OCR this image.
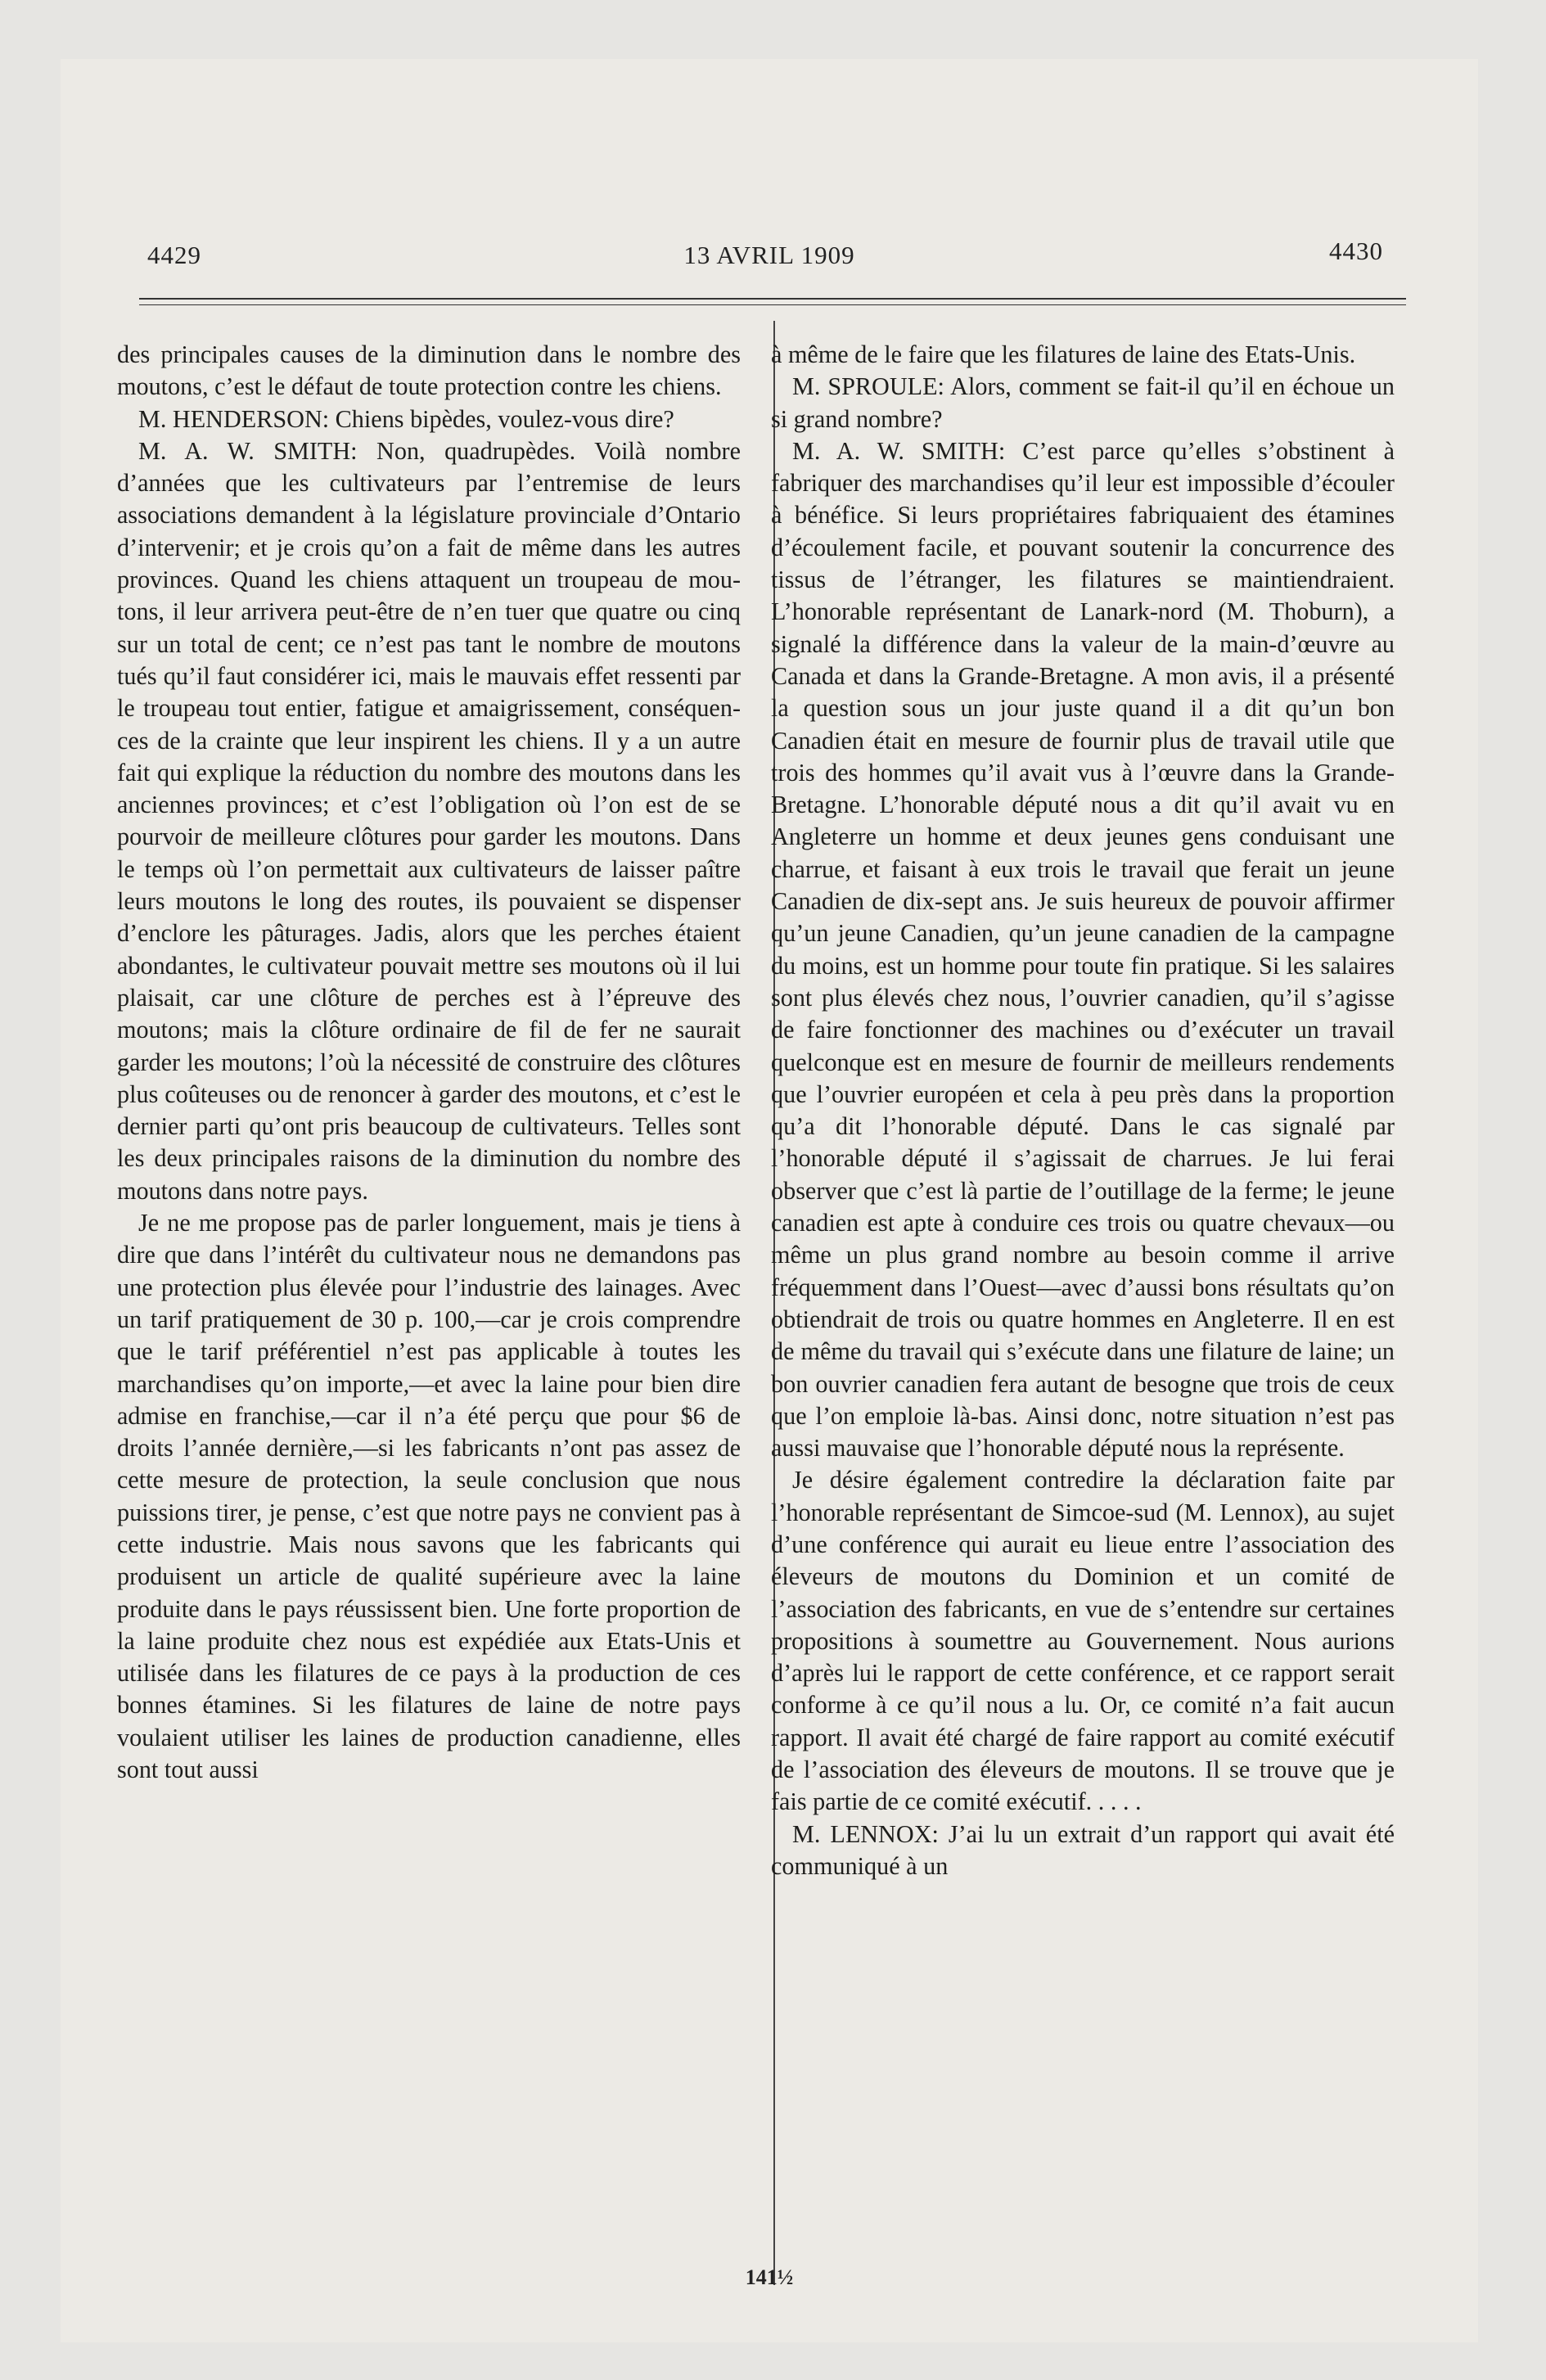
4429	13 AVRIL 1909	4430

des principales causes de la diminution dans le nombre des moutons, c’est le défaut de toute protection contre les chiens.

M. HENDERSON: Chiens bipèdes, voulez-vous dire?

M. A. W. SMITH: Non, quadrupèdes. Voilà nombre d’années que les cultivateurs par l’entremise de leurs associations demandent à la législature provinciale d’Ontario d’intervenir; et je crois qu’on a fait de même dans les autres provinces. Quand les chiens attaquent un troupeau de moutons, il leur arrivera peut-être de n’en tuer que quatre ou cinq sur un total de cent; ce n’est pas tant le nombre de moutons tués qu’il faut considérer ici, mais le mauvais effet ressenti par le troupeau tout entier, fatigue et amaigrissement, conséquences de la crainte que leur inspirent les chiens. Il y a un autre fait qui explique la réduction du nombre des moutons dans les anciennes provinces; et c’est l’obligation où l’on est de se pourvoir de meilleure clôtures pour garder les moutons. Dans le temps où l’on permettait aux cultivateurs de laisser paître leurs moutons le long des routes, ils pouvaient se dispenser d’enclore les pâturages. Jadis, alors que les perches étaient abondantes, le cultivateur pouvait mettre ses moutons où il lui plaisait, car une clôture de perches est à l’épreuve des moutons; mais la clôture ordinaire de fil de fer ne saurait garder les moutons; l’où la nécessité de construire des clôtures plus coûteuses ou de renoncer à garder des moutons, et c’est le dernier parti qu’ont pris beaucoup de cultivateurs. Telles sont les deux principales raisons de la diminution du nombre des moutons dans notre pays.

Je ne me propose pas de parler longuement, mais je tiens à dire que dans l’intérêt du cultivateur nous ne demandons pas une protection plus élevée pour l’industrie des lainages. Avec un tarif pratiquement de 30 p. 100,—car je crois comprendre que le tarif préférentiel n’est pas applicable à toutes les marchandises qu’on importe,—et avec la laine pour bien dire admise en franchise,—car il n’a été perçu que pour $6 de droits l’année dernière,—si les fabricants n’ont pas assez de cette mesure de protection, la seule conclusion que nous puissions tirer, je pense, c’est que notre pays ne convient pas à cette industrie. Mais nous savons que les fabricants qui produisent un article de qualité supérieure avec la laine produite dans le pays réussissent bien. Une forte proportion de la laine produite chez nous est expédiée aux Etats-Unis et utilisée dans les filatures de ce pays à la production de ces bonnes étamines. Si les filatures de laine de notre pays voulaient utiliser les laines de production canadienne, elles sont tout aussi

à même de le faire que les filatures de laine des Etats-Unis.

M. SPROULE: Alors, comment se fait-il qu’il en échoue un si grand nombre?

M. A. W. SMITH: C’est parce qu’elles s’obstinent à fabriquer des marchandises qu’il leur est impossible d’écouler à bénéfice. Si leurs propriétaires fabriquaient des étamines d’écoulement facile, et pouvant soutenir la concurrence des tissus de l’étranger, les filatures se maintiendraient. L’honorable représentant de Lanark-nord (M. Thoburn), a signalé la différence dans la valeur de la main-d’œuvre au Canada et dans la Grande-Bretagne. A mon avis, il a présenté la question sous un jour juste quand il a dit qu’un bon Canadien était en mesure de fournir plus de travail utile que trois des hommes qu’il avait vus à l’œuvre dans la Grande-Bretagne. L’honorable député nous a dit qu’il avait vu en Angleterre un homme et deux jeunes gens conduisant une charrue, et faisant à eux trois le travail que ferait un jeune Canadien de dix-sept ans. Je suis heureux de pouvoir affirmer qu’un jeune Canadien, qu’un jeune canadien de la campagne du moins, est un homme pour toute fin pratique. Si les salaires sont plus élevés chez nous, l’ouvrier canadien, qu’il s’agisse de faire fonctionner des machines ou d’exécuter un travail quelconque est en mesure de fournir de meilleurs rendements que l’ouvrier européen et cela à peu près dans la proportion qu’a dit l’honorable député. Dans le cas signalé par l’honorable député il s’agissait de charrues. Je lui ferai observer que c’est là partie de l’outillage de la ferme; le jeune canadien est apte à conduire ces trois ou quatre chevaux—ou même un plus grand nombre au besoin comme il arrive fréquemment dans l’Ouest—avec d’aussi bons résultats qu’on obtiendrait de trois ou quatre hommes en Angleterre. Il en est de même du travail qui s’exécute dans une filature de laine; un bon ouvrier canadien fera autant de besogne que trois de ceux que l’on emploie là-bas. Ainsi donc, notre situation n’est pas aussi mauvaise que l’honorable député nous la représente.

Je désire également contredire la déclaration faite par l’honorable représentant de Simcoe-sud (M. Lennox), au sujet d’une conférence qui aurait eu lieue entre l’association des éleveurs de moutons du Dominion et un comité de l’association des fabricants, en vue de s’entendre sur certaines propositions à soumettre au Gouvernement. Nous aurions d’après lui le rapport de cette conférence, et ce rapport serait conforme à ce qu’il nous a lu. Or, ce comité n’a fait aucun rapport. Il avait été chargé de faire rapport au comité exécutif de l’association des éleveurs de moutons. Il se trouve que je fais partie de ce comité exécutif. . . . .

M. LENNOX: J’ai lu un extrait d’un rapport qui avait été communiqué à un

141½
